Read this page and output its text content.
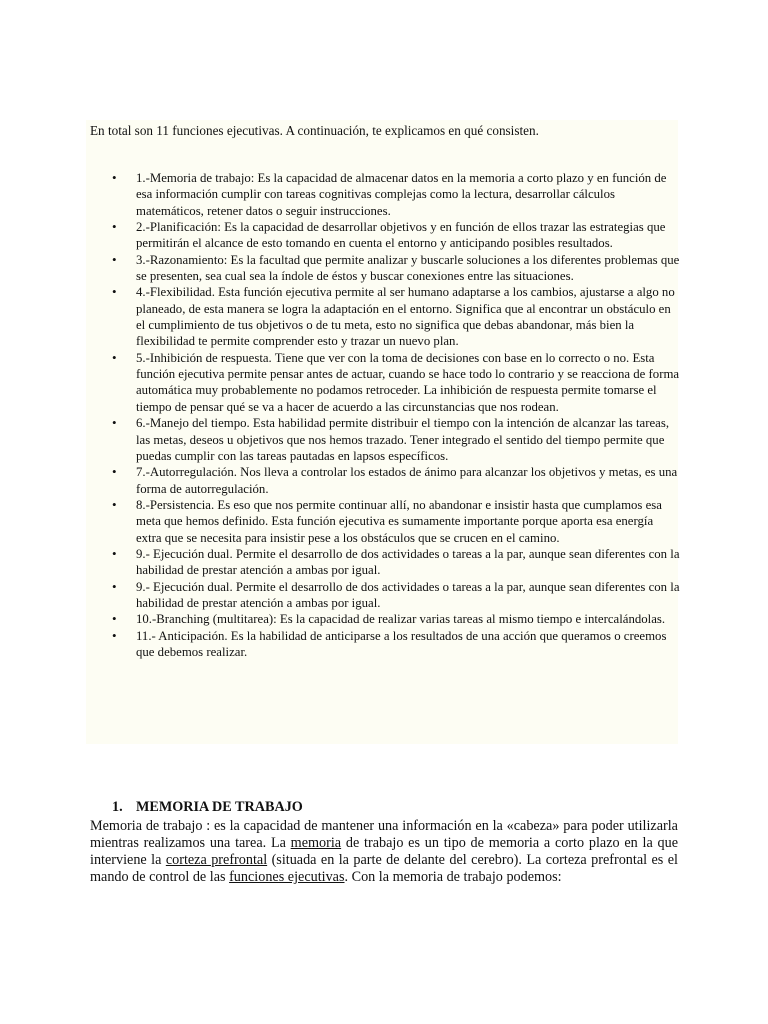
En total son 11 funciones ejecutivas. A continuación, te explicamos en qué consisten.

• 1.-Memoria de trabajo: Es la capacidad de almacenar datos en la memoria a corto plazo y en función de esa información cumplir con tareas cognitivas complejas como la lectura, desarrollar cálculos matemáticos, retener datos o seguir instrucciones.
• 2.-Planificación: Es la capacidad de desarrollar objetivos y en función de ellos trazar las estrategias que permitirán el alcance de esto tomando en cuenta el entorno y anticipando posibles resultados.
• 3.-Razonamiento: Es la facultad que permite analizar y buscarle soluciones a los diferentes problemas que se presenten, sea cual sea la índole de éstos y buscar conexiones entre las situaciones.
• 4.-Flexibilidad. Esta función ejecutiva permite al ser humano adaptarse a los cambios, ajustarse a algo no planeado, de esta manera se logra la adaptación en el entorno. Significa que al encontrar un obstáculo en el cumplimiento de tus objetivos o de tu meta, esto no significa que debas abandonar, más bien la flexibilidad te permite comprender esto y trazar un nuevo plan.
• 5.-Inhibición de respuesta. Tiene que ver con la toma de decisiones con base en lo correcto o no. Esta función ejecutiva permite pensar antes de actuar, cuando se hace todo lo contrario y se reacciona de forma automática muy probablemente no podamos retroceder. La inhibición de respuesta permite tomarse el tiempo de pensar qué se va a hacer de acuerdo a las circunstancias que nos rodean.
• 6.-Manejo del tiempo. Esta habilidad permite distribuir el tiempo con la intención de alcanzar las tareas, las metas, deseos u objetivos que nos hemos trazado. Tener integrado el sentido del tiempo permite que puedas cumplir con las tareas pautadas en lapsos específicos.
• 7.-Autorregulación. Nos lleva a controlar los estados de ánimo para alcanzar los objetivos y metas, es una forma de autorregulación.
• 8.-Persistencia. Es eso que nos permite continuar allí, no abandonar e insistir hasta que cumplamos esa meta que hemos definido. Esta función ejecutiva es sumamente importante porque aporta esa energía extra que se necesita para insistir pese a los obstáculos que se crucen en el camino.
• 9.- Ejecución dual. Permite el desarrollo de dos actividades o tareas a la par, aunque sean diferentes con la habilidad de prestar atención a ambas por igual.
• 9.- Ejecución dual. Permite el desarrollo de dos actividades o tareas a la par, aunque sean diferentes con la habilidad de prestar atención a ambas por igual.
• 10.-Branching (multitarea): Es la capacidad de realizar varias tareas al mismo tiempo e intercalándolas.
• 11.- Anticipación. Es la habilidad de anticiparse a los resultados de una acción que queramos o creemos que debemos realizar.
1. MEMORIA DE TRABAJO

Memoria de trabajo : es la capacidad de mantener una información en la «cabeza» para poder utilizarla mientras realizamos una tarea. La memoria de trabajo es un tipo de memoria a corto plazo en la que interviene la corteza prefrontal (situada en la parte de delante del cerebro). La corteza prefrontal es el mando de control de las funciones ejecutivas. Con la memoria de trabajo podemos:
